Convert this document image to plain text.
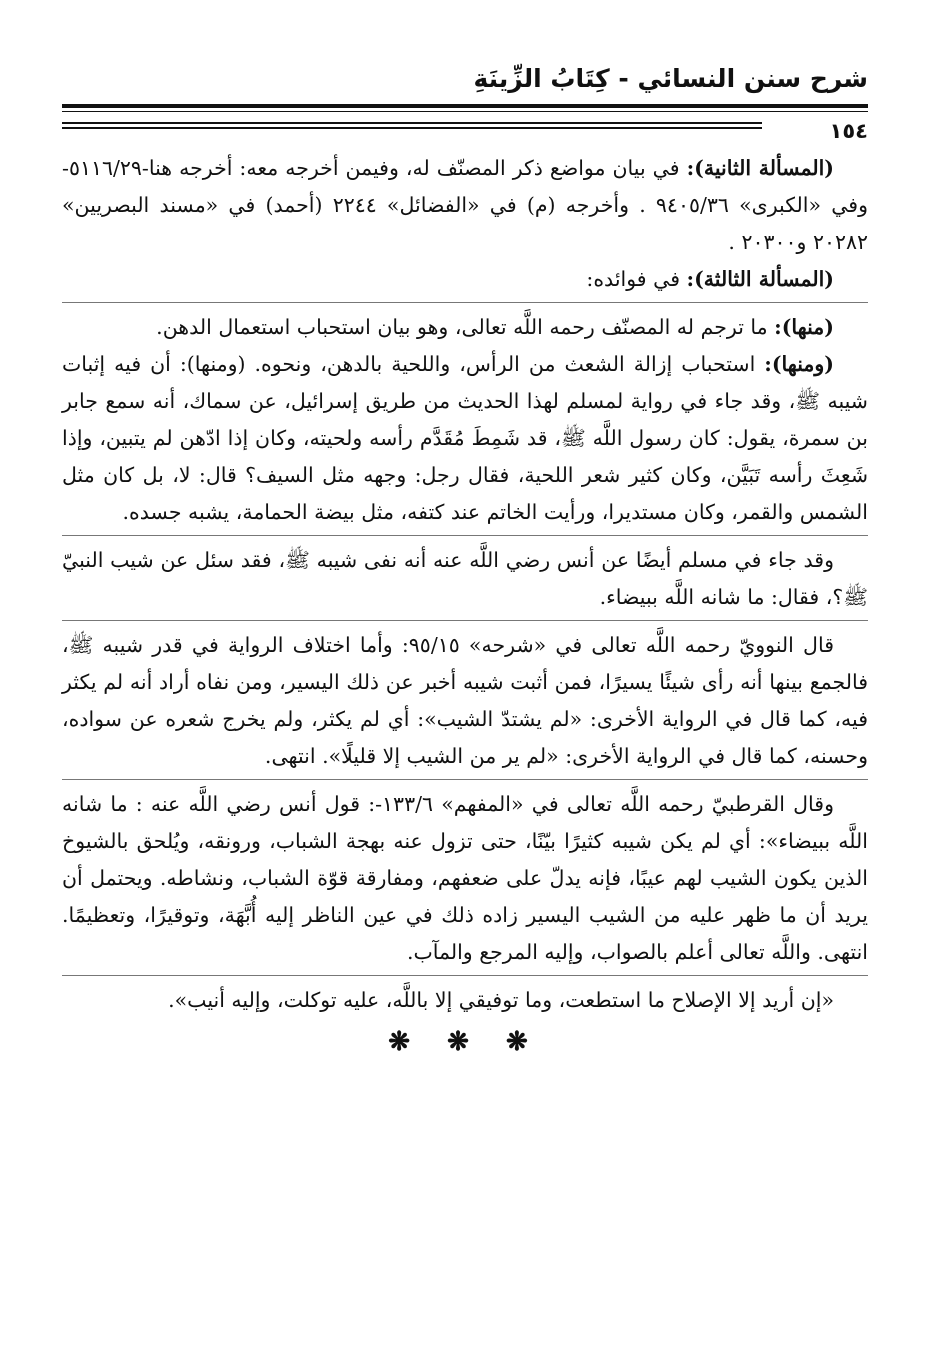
شرح سنن النسائي - كِتَابُ الزِّينَةِ
١٥٤

(المسألة الثانية): في بيان مواضع ذكر المصنّف له، وفيمن أخرجه معه: أخرجه هنا-٥١١٦/٢٩- وفي «الكبرى» ٩٤٠٥/٣٦ . وأخرجه (م) في «الفضائل» ٢٢٤٤ (أحمد) في «مسند البصريين» ٢٠٢٨٢ و٢٠٣٠٠ .

(المسألة الثالثة): في فوائده:

(منها): ما ترجم له المصنّف رحمه اللَّه تعالى، وهو بيان استحباب استعمال الدهن.

(ومنها): استحباب إزالة الشعث من الرأس، واللحية بالدهن، ونحوه. (ومنها): أن فيه إثبات شيبه ﷺ، وقد جاء في رواية لمسلم لهذا الحديث من طريق إسرائيل، عن سماك، أنه سمع جابر بن سمرة، يقول: كان رسول اللَّه ﷺ، قد شَمِطَ مُقَدَّم رأسه ولحيته، وكان إذا ادّهن لم يتبين، وإذا شَعِثَ رأسه تَبَيَّن، وكان كثير شعر اللحية، فقال رجل: وجهه مثل السيف؟ قال: لا، بل كان مثل الشمس والقمر، وكان مستديرا، ورأيت الخاتم عند كتفه، مثل بيضة الحمامة، يشبه جسده.

وقد جاء في مسلم أيضًا عن أنس رضي اللَّه عنه أنه نفى شيبه ﷺ، فقد سئل عن شيب النبيّ ﷺ؟، فقال: ما شانه اللَّه ببيضاء.

قال النوويّ رحمه اللَّه تعالى في «شرحه» ٩٥/١٥: وأما اختلاف الرواية في قدر شيبه ﷺ، فالجمع بينها أنه رأى شيئًا يسيرًا، فمن أثبت شيبه أخبر عن ذلك اليسير، ومن نفاه أراد أنه لم يكثر فيه، كما قال في الرواية الأخرى: «لم يشتدّ الشيب»: أي لم يكثر، ولم يخرج شعره عن سواده، وحسنه، كما قال في الرواية الأخرى: «لم ير من الشيب إلا قليلًا». انتهى.

وقال القرطبيّ رحمه اللَّه تعالى في «المفهم» ١٣٣/٦-: قول أنس رضي اللَّه عنه : ما شانه اللَّه ببيضاء»: أي لم يكن شيبه كثيرًا بيّنًا، حتى تزول عنه بهجة الشباب، ورونقه، ويُلحق بالشيوخ الذين يكون الشيب لهم عيبًا، فإنه يدلّ على ضعفهم، ومفارقة قوّة الشباب، ونشاطه. ويحتمل أن يريد أن ما ظهر عليه من الشيب اليسير زاده ذلك في عين الناظر إليه أُبَّهَة، وتوقيرًا، وتعظيمًا. انتهى. واللَّه تعالى أعلم بالصواب، وإليه المرجع والمآب.

«إن أريد إلا الإصلاح ما استطعت، وما توفيقي إلا باللَّه، عليه توكلت، وإليه أنيب».

❋ ❋ ❋
